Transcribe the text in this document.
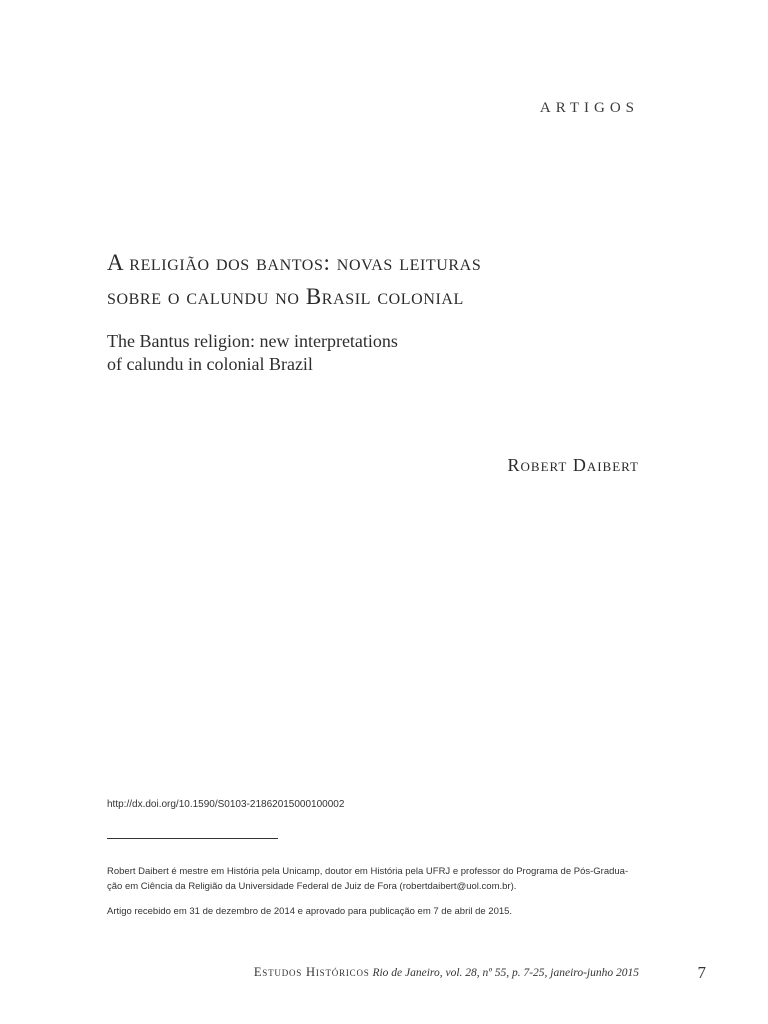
ARTIGOS
A religião dos bantos: novas leituras
sobre o calundu no Brasil colonial
The Bantus religion: new interpretations
of calundu in colonial Brazil
Robert Daibert
http://dx.doi.org/10.1590/S0103-21862015000100002
Robert Daibert é mestre em História pela Unicamp, doutor em História pela UFRJ e professor do Programa de Pós-Gradua-
ção em Ciência da Religião da Universidade Federal de Juiz de Fora (robertdaibert@uol.com.br).
Artigo recebido em 31 de dezembro de 2014 e aprovado para publicação em 7 de abril de 2015.
Estudos Históricos Rio de Janeiro, vol. 28, nº 55, p. 7-25, janeiro-junho 2015	7
